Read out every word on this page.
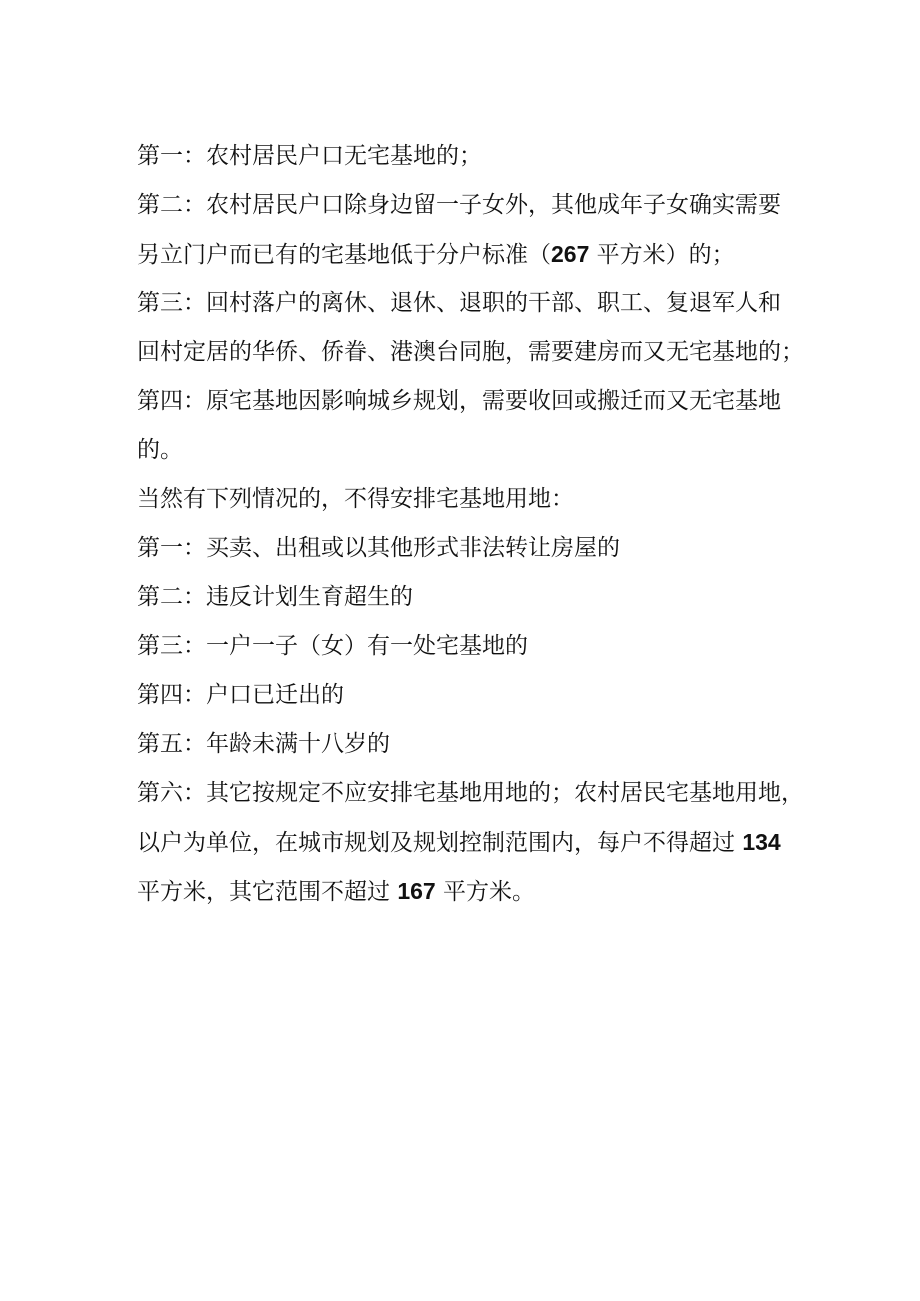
第一：农村居民户口无宅基地的；
第二：农村居民户口除身边留一子女外，其他成年子女确实需要
另立门户而已有的宅基地低于分户标准（267 平方米）的；
第三：回村落户的离休、退休、退职的干部、职工、复退军人和
回村定居的华侨、侨眷、港澳台同胞，需要建房而又无宅基地的；
第四：原宅基地因影响城乡规划，需要收回或搬迁而又无宅基地
的。
当然有下列情况的，不得安排宅基地用地：
第一：买卖、出租或以其他形式非法转让房屋的
第二：违反计划生育超生的
第三：一户一子（女）有一处宅基地的
第四：户口已迁出的
第五：年龄未满十八岁的
第六：其它按规定不应安排宅基地用地的；农村居民宅基地用地，
以户为单位，在城市规划及规划控制范围内，每户不得超过 134
平方米，其它范围不超过 167 平方米。
